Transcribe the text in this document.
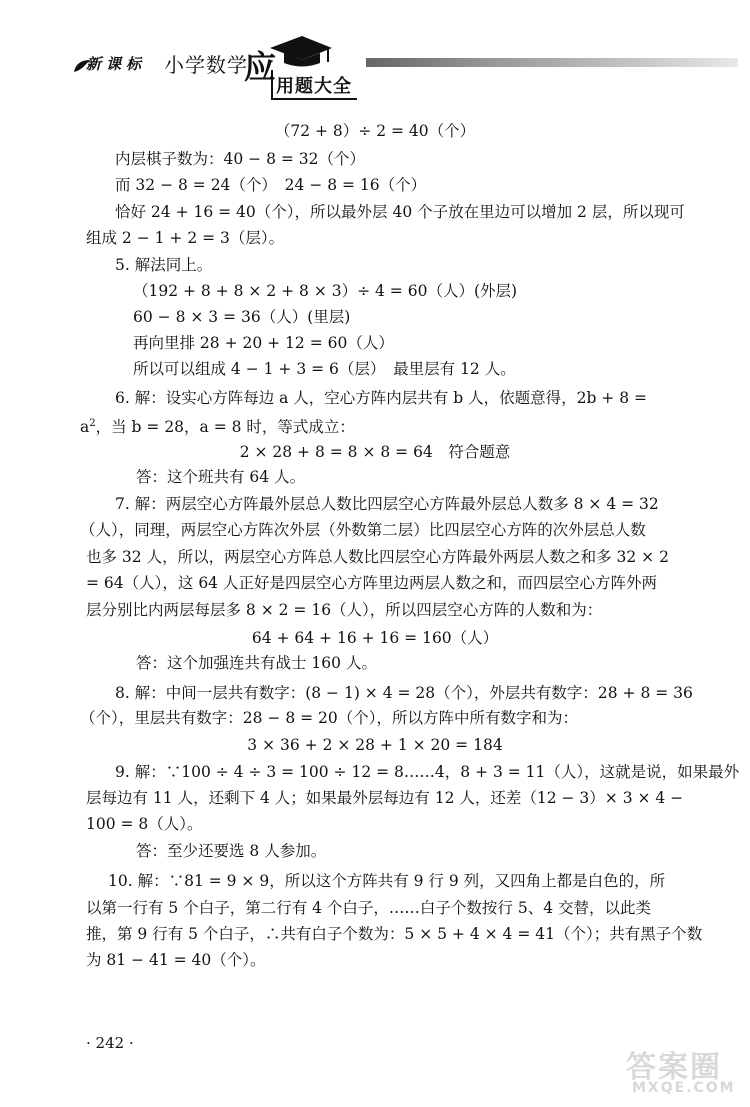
新课标 小学数学
应
用题大全
（72 + 8）÷ 2 = 40（个）
内层棋子数为：40 − 8 = 32（个）
而 32 − 8 = 24（个）　24 − 8 = 16（个）
恰好 24 + 16 = 40（个），所以最外层 40 个子放在里边可以增加 2 层，所以现可
组成 2 − 1 + 2 = 3（层）。
5. 解法同上。
（192 + 8 + 8 × 2 + 8 × 3）÷ 4 = 60（人）(外层)
60 − 8 × 3 = 36（人）(里层)
再向里排 28 + 20 + 12 = 60（人）
所以可以组成 4 − 1 + 3 = 6（层）　最里层有 12 人。
6. 解：设实心方阵每边 a 人，空心方阵内层共有 b 人，依题意得，2b + 8 =
$a^2$，当 b = 28，a = 8 时，等式成立：
2 × 28 + 8 = 8 × 8 = 64　符合题意
答：这个班共有 64 人。
7. 解：两层空心方阵最外层总人数比四层空心方阵最外层总人数多 8 × 4 = 32
（人），同理，两层空心方阵次外层（外数第二层）比四层空心方阵的次外层总人数
也多 32 人，所以，两层空心方阵总人数比四层空心方阵最外两层人数之和多 32 × 2
= 64（人），这 64 人正好是四层空心方阵里边两层人数之和，而四层空心方阵外两
层分别比内两层每层多 8 × 2 = 16（人），所以四层空心方阵的人数和为：
64 + 64 + 16 + 16 = 160（人）
答：这个加强连共有战士 160 人。
8. 解：中间一层共有数字：(8 − 1) × 4 = 28（个），外层共有数字：28 + 8 = 36
（个），里层共有数字：28 − 8 = 20（个），所以方阵中所有数字和为：
3 × 36 + 2 × 28 + 1 × 20 = 184
9. 解：∵100 ÷ 4 ÷ 3 = 100 ÷ 12 = 8……4，8 + 3 = 11（人），这就是说，如果最外
层每边有 11 人，还剩下 4 人；如果最外层每边有 12 人，还差（12 − 3）× 3 × 4 −
100 = 8（人）。
答：至少还要选 8 人参加。
10. 解：∵81 = 9 × 9，所以这个方阵共有 9 行 9 列，又四角上都是白色的，所
以第一行有 5 个白子，第二行有 4 个白子，……白子个数按行 5、4 交替，以此类
推，第 9 行有 5 个白子，∴共有白子个数为：5 × 5 + 4 × 4 = 41（个）；共有黑子个数
为 81 − 41 = 40（个）。
· 242 ·
答案圈
MXQE.COM
